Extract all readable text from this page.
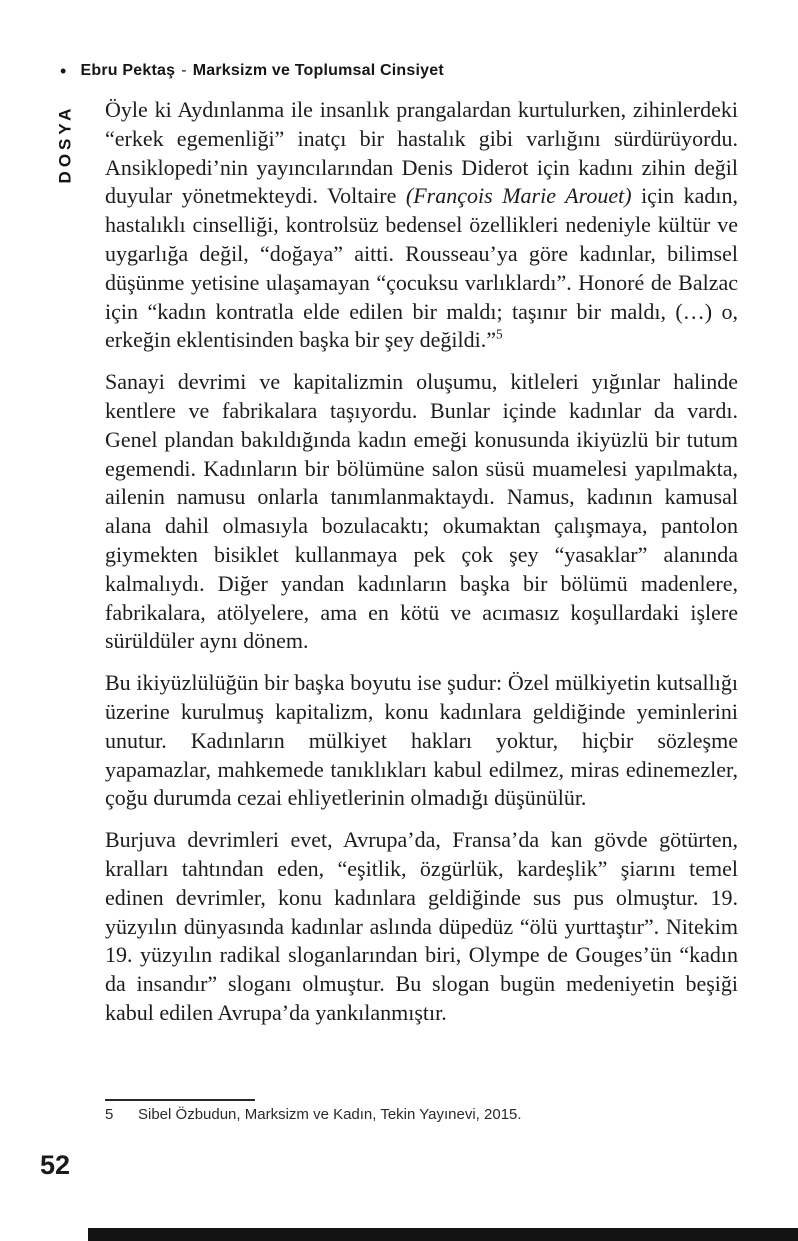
• Ebru Pektaş - Marksizm ve Toplumsal Cinsiyet
DOSYA Öyle ki Aydınlanma ile insanlık prangalardan kurtulurken, zihinlerdeki “erkek egemenliği” inatçı bir hastalık gibi varlığını sürdürüyordu. Ansiklopedi’nin yayıncılarından Denis Diderot için kadını zihin değil duyular yönetmekteydi. Voltaire (François Marie Arouet) için kadın, hastalıklı cinselliği, kontrolsüz bedensel özellikleri nedeniyle kültür ve uygarlığa değil, “doğaya” aitti. Rousseau’ya göre kadınlar, bilimsel düşünme yetisine ulaşamayan “çocuksu varlıklardı”. Honoré de Balzac için “kadın kontratla elde edilen bir maldı; taşınır bir maldı, (…) o, erkeğin eklentisinden başka bir şey değildi.”$^5$

Sanayi devrimi ve kapitalizmin oluşumu, kitleleri yığınlar halinde kentlere ve fabrikalara taşıyordu. Bunlar içinde kadınlar da vardı. Genel plandan bakıldığında kadın emeği konusunda ikiyüzlü bir tutum egemendi. Kadınların bir bölümüne salon süsü muamelesi yapılmakta, ailenin namusu onlarla tanımlanmaktaydı. Namus, kadının kamusal alana dahil olmasıyla bozulacaktı; okumaktan çalışmaya, pantolon giymekten bisiklet kullanmaya pek çok şey “yasaklar” alanında kalmalıydı. Diğer yandan kadınların başka bir bölümü madenlere, fabrikalara, atölyelere, ama en kötü ve acımasız koşullardaki işlere sürüldüler aynı dönem.

Bu ikiyüzlülüğün bir başka boyutu ise şudur: Özel mülkiyetin kutsallığı üzerine kurulmuş kapitalizm, konu kadınlara geldiğinde yeminlerini unutur. Kadınların mülkiyet hakları yoktur, hiçbir sözleşme yapamazlar, mahkemede tanıklıkları kabul edilmez, miras edinemezler, çoğu durumda cezai ehliyetlerinin olmadığı düşünülür.

Burjuva devrimleri evet, Avrupa’da, Fransa’da kan gövde götürten, kralları tahtından eden, “eşitlik, özgürlük, kardeşlik” şiarını temel edinen devrimler, konu kadınlara geldiğinde sus pus olmuştur. 19. yüzyılın dünyasında kadınlar aslında düpedüz “ölü yurttaştır”. Nitekim 19. yüzyılın radikal sloganlarından biri, Olympe de Gouges’ün “kadın da insandır” sloganı olmuştur. Bu slogan bugün medeniyetin beşiği kabul edilen Avrupa’da yankılanmıştır.

5	Sibel Özbudun, Marksizm ve Kadın, Tekin Yayınevi, 2015.
52
